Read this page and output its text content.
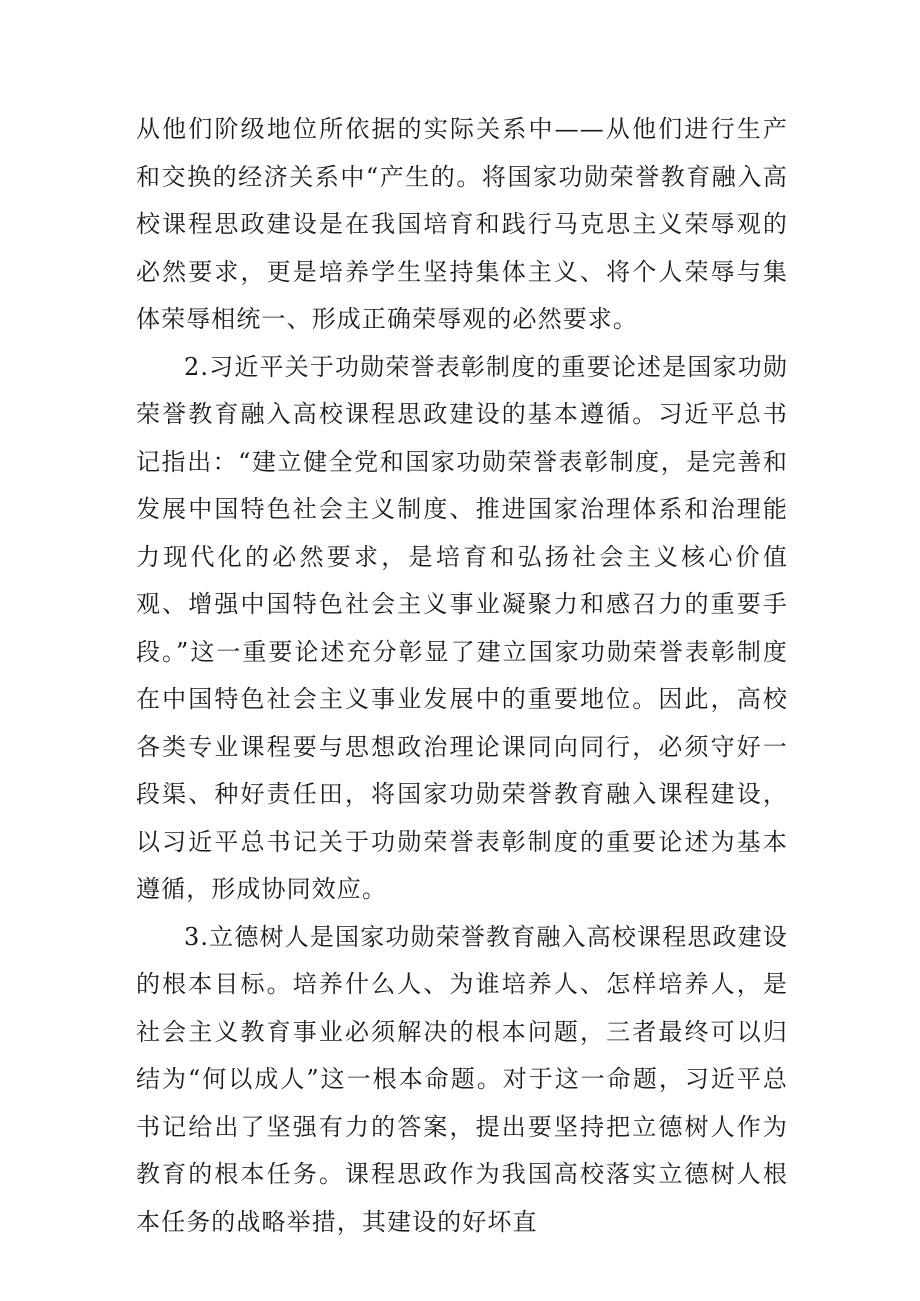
从他们阶级地位所依据的实际关系中——从他们进行生产和交换的经济关系中“产生的。将国家功勋荣誉教育融入高校课程思政建设是在我国培育和践行马克思主义荣辱观的必然要求，更是培养学生坚持集体主义、将个人荣辱与集体荣辱相统一、形成正确荣辱观的必然要求。

2.习近平关于功勋荣誉表彰制度的重要论述是国家功勋荣誉教育融入高校课程思政建设的基本遵循。习近平总书记指出：“建立健全党和国家功勋荣誉表彰制度，是完善和发展中国特色社会主义制度、推进国家治理体系和治理能力现代化的必然要求，是培育和弘扬社会主义核心价值观、增强中国特色社会主义事业凝聚力和感召力的重要手段。”这一重要论述充分彰显了建立国家功勋荣誉表彰制度在中国特色社会主义事业发展中的重要地位。因此，高校各类专业课程要与思想政治理论课同向同行，必须守好一段渠、种好责任田，将国家功勋荣誉教育融入课程建设，以习近平总书记关于功勋荣誉表彰制度的重要论述为基本遵循，形成协同效应。

3.立德树人是国家功勋荣誉教育融入高校课程思政建设的根本目标。培养什么人、为谁培养人、怎样培养人，是社会主义教育事业必须解决的根本问题，三者最终可以归结为“何以成人”这一根本命题。对于这一命题，习近平总书记给出了坚强有力的答案，提出要坚持把立德树人作为教育的根本任务。课程思政作为我国高校落实立德树人根本任务的战略举措，其建设的好坏直
